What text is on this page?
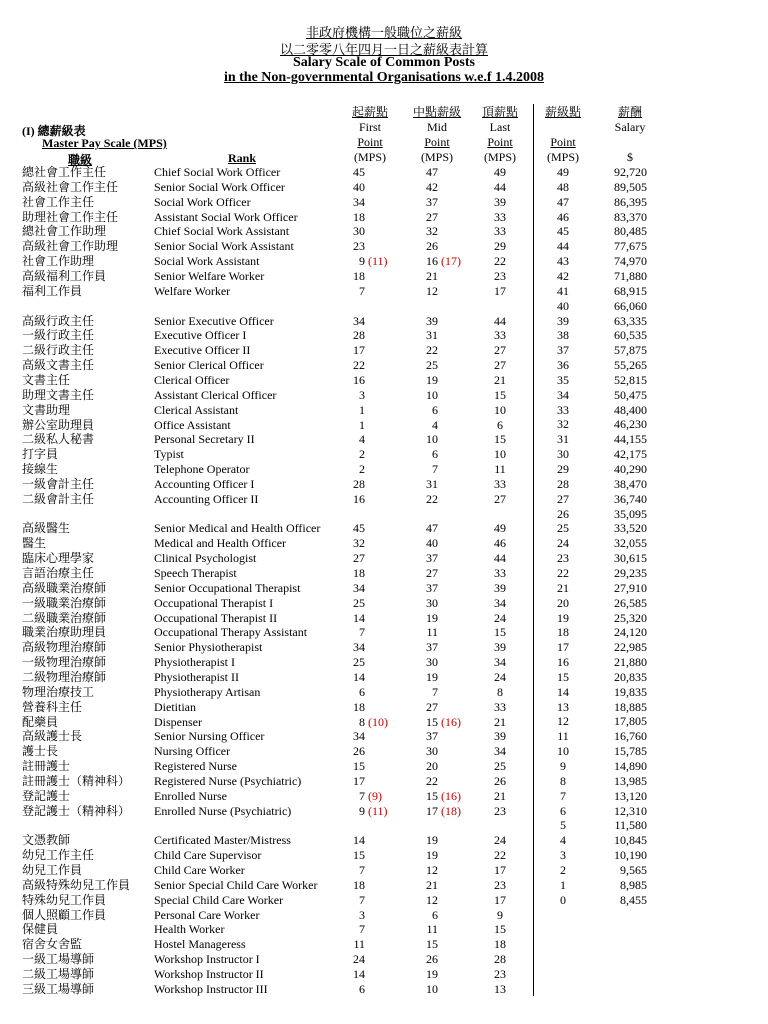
非政府機構一般職位之薪級
以二零零八年四月一日之薪級表計算
Salary Scale of Common Posts
in the Non-governmental Organisations w.e.f 1.4.2008
起薪點
First
Point
(MPS)
中點薪級
Mid
Point
(MPS)
頂薪點
Last
Point
(MPS)
薪級點

Point
(MPS)
薪酬
Salary

$
(I) 總薪級表
Master Pay Scale (MPS)
職級	Rank
總社會工作主任	Chief Social Work Officer	45	47	49
高級社會工作主任	Senior Social Work Officer	40	42	44
社會工作主任	Social Work Officer	34	37	39
助理社會工作主任	Assistant Social Work Officer	18	27	33
總社會工作助理	Chief Social Work Assistant	30	32	33
高級社會工作助理	Senior Social Work Assistant	23	26	29
社會工作助理	Social Work Assistant	9 (11)	16 (17)	22
高級福利工作員	Senior Welfare Worker	18	21	23
福利工作員	Welfare Worker	7	12	17
高級行政主任	Senior Executive Officer	34	39	44
一級行政主任	Executive Officer I	28	31	33
二級行政主任	Executive Officer II	17	22	27
高級文書主任	Senior Clerical Officer	22	25	27
文書主任	Clerical Officer	16	19	21
助理文書主任	Assistant Clerical Officer	3	10	15
文書助理	Clerical Assistant	1	6	10
辦公室助理員	Office Assistant	1	4	6
二級私人秘書	Personal Secretary II	4	10	15
打字員	Typist	2	6	10
接線生	Telephone Operator	2	7	11
一級會計主任	Accounting Officer I	28	31	33
二級會計主任	Accounting Officer II	16	22	27
高級醫生	Senior Medical and Health Officer	45	47	49
醫生	Medical and Health Officer	32	40	46
臨床心理學家	Clinical Psychologist	27	37	44
言語治療主任	Speech Therapist	18	27	33
高級職業治療師	Senior Occupational Therapist	34	37	39
一級職業治療師	Occupational Therapist I	25	30	34
二級職業治療師	Occupational Therapist II	14	19	24
職業治療助理員	Occupational Therapy Assistant	7	11	15
高級物理治療師	Senior Physiotherapist	34	37	39
一級物理治療師	Physiotherapist I	25	30	34
二級物理治療師	Physiotherapist II	14	19	24
物理治療技工	Physiotherapy Artisan	6	7	8
營養科主任	Dietitian	18	27	33
配藥員	Dispenser	8 (10)	15 (16)	21
高級護士長	Senior Nursing Officer	34	37	39
護士長	Nursing Officer	26	30	34
註冊護士	Registered Nurse	15	20	25
註冊護士（精神科） Registered Nurse (Psychiatric)	17	22	26
登記護士	Enrolled Nurse	7 (9)	15 (16)	21
登記護士（精神科） Enrolled Nurse (Psychiatric)	9 (11)	17 (18)	23
文憑教師	Certificated Master/Mistress	14	19	24
幼兒工作主任	Child Care Supervisor	15	19	22
幼兒工作員	Child Care Worker	7	12	17
高級特殊幼兒工作員 Senior Special Child Care Worker	18	21	23
特殊幼兒工作員	Special Child Care Worker	7	12	17
個人照顧工作員	Personal Care Worker	3	6	9
保健員	Health Worker	7	11	15
宿舍女舍監	Hostel Manageress	11	15	18
一級工場導師	Workshop Instructor I	24	26	28
二級工場導師	Workshop Instructor II	14	19	23
三級工場導師	Workshop Instructor III	6	10	13
49	92,720
48	89,505
47	86,395
46	83,370
45	80,485
44	77,675
43	74,970
42	71,880
41	68,915
40	66,060
39	63,335
38	60,535
37	57,875
36	55,265
35	52,815
34	50,475
33	48,400
32	46,230
31	44,155
30	42,175
29	40,290
28	38,470
27	36,740
26	35,095
25	33,520
24	32,055
23	30,615
22	29,235
21	27,910
20	26,585
19	25,320
18	24,120
17	22,985
16	21,880
15	20,835
14	19,835
13	18,885
12	17,805
11	16,760
10	15,785
9	14,890
8	13,985
7	13,120
6	12,310
5	11,580
4	10,845
3	10,190
2	9,565
1	8,985
0	8,455
